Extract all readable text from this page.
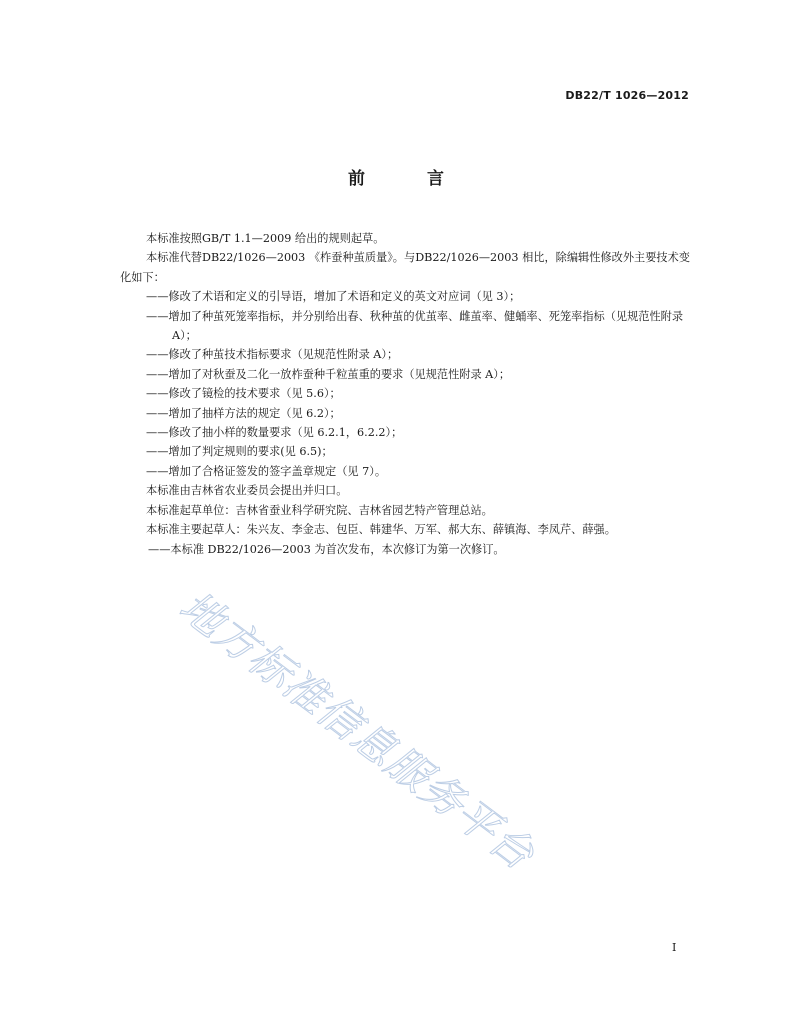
DB22/T 1026—2012
前 言
本标准按照GB/T 1.1—2009 给出的规则起草。
本标准代替DB22/1026—2003 《柞蚕种茧质量》。与DB22/1026—2003 相比，除编辑性修改外主要技术变化如下：
——修改了术语和定义的引导语，增加了术语和定义的英文对应词（见 3）；
——增加了种茧死笼率指标，并分别给出春、秋种茧的优茧率、雌茧率、健蛹率、死笼率指标（见规范性附录 A）；
——修改了种茧技术指标要求（见规范性附录 A）；
——增加了对秋蚕及二化一放柞蚕种千粒茧重的要求（见规范性附录 A）；
——修改了镜检的技术要求（见 5.6）；
——增加了抽样方法的规定（见 6.2）；
——修改了抽小样的数量要求（见 6.2.1，6.2.2）；
——增加了判定规则的要求(见 6.5)；
——增加了合格证签发的签字盖章规定（见 7）。
本标准由吉林省农业委员会提出并归口。
本标准起草单位：吉林省蚕业科学研究院、吉林省园艺特产管理总站。
本标准主要起草人：朱兴友、李金志、包臣、韩建华、万军、郝大东、薛镇海、李凤芹、薛强。
——本标准 DB22/1026—2003 为首次发布，本次修订为第一次修订。
地方标准信息服务平台
I
